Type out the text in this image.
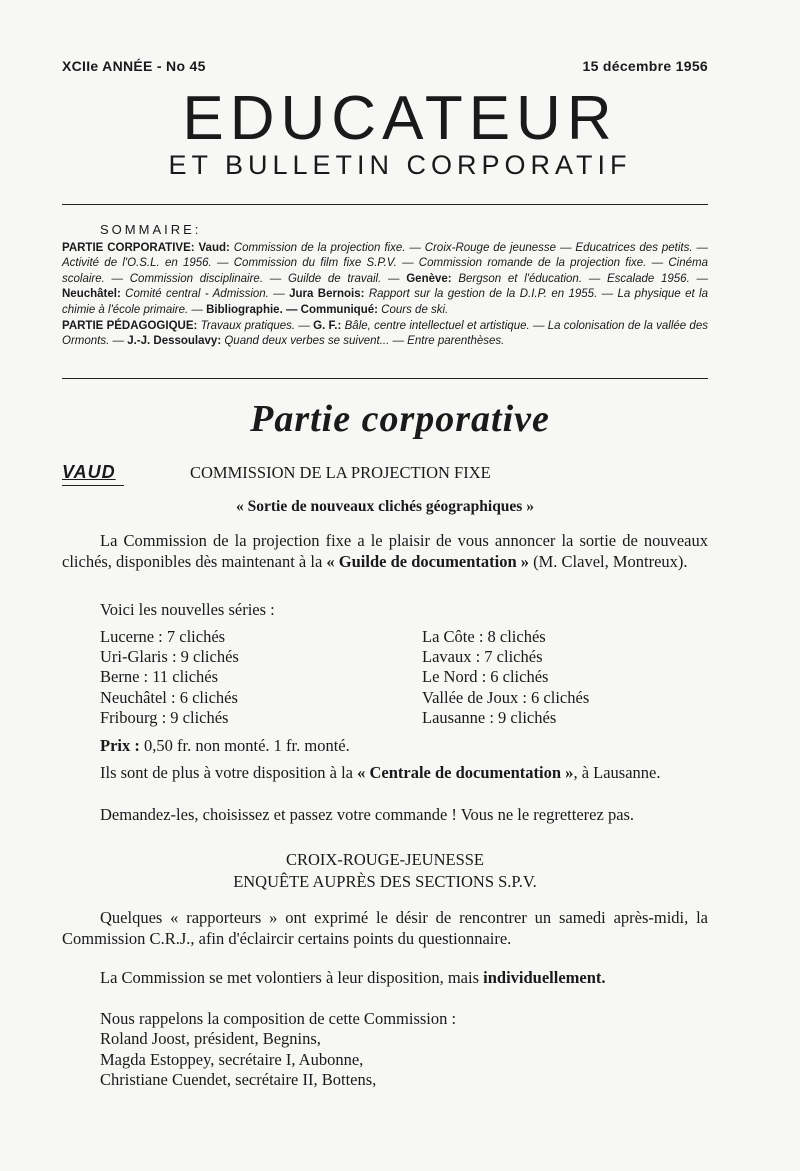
XCIIe ANNÉE - No 45	15 décembre 1956
EDUCATEUR
ET BULLETIN CORPORATIF
SOMMAIRE:
PARTIE CORPORATIVE: Vaud: Commission de la projection fixe. — Croix-Rouge de jeunesse — Educatrices des petits. — Activité de l'O.S.L. en 1956. — Commission du film fixe S.P.V. — Commission romande de la projection fixe. — Cinéma scolaire. — Commission disciplinaire. — Guilde de travail. — Genève: Bergson et l'éducation. — Escalade 1956. — Neuchâtel: Comité central - Admission. — Jura Bernois: Rapport sur la gestion de la D.I.P. en 1955. — La physique et la chimie à l'école primaire. — Bibliographie. — Communiqué: Cours de ski.
PARTIE PÉDAGOGIQUE: Travaux pratiques. — G. F.: Bâle, centre intellectuel et artistique. — La colonisation de la vallée des Ormonts. — J.-J. Dessoulavy: Quand deux verbes se suivent... — Entre parenthèses.
Partie corporative
VAUD	COMMISSION DE LA PROJECTION FIXE
« Sortie de nouveaux clichés géographiques »
La Commission de la projection fixe a le plaisir de vous annoncer la sortie de nouveaux clichés, disponibles dès maintenant à la « Guilde de documentation » (M. Clavel, Montreux).
Voici les nouvelles séries :
Lucerne : 7 clichés	La Côte : 8 clichés
Uri-Glaris : 9 clichés	Lavaux : 7 clichés
Berne : 11 clichés	Le Nord : 6 clichés
Neuchâtel : 6 clichés	Vallée de Joux : 6 clichés
Fribourg : 9 clichés	Lausanne : 9 clichés
Prix : 0,50 fr. non monté. 1 fr. monté.
Ils sont de plus à votre disposition à la « Centrale de documentation », à Lausanne.
Demandez-les, choisissez et passez votre commande ! Vous ne le regretterez pas.
CROIX-ROUGE-JEUNESSE
ENQUÊTE AUPRÈS DES SECTIONS S.P.V.
Quelques « rapporteurs » ont exprimé le désir de rencontrer un samedi après-midi, la Commission C.R.J., afin d'éclaircir certains points du questionnaire.
La Commission se met volontiers à leur disposition, mais individuellement.
Nous rappelons la composition de cette Commission :
Roland Joost, président, Begnins,
Magda Estoppey, secrétaire I, Aubonne,
Christiane Cuendet, secrétaire II, Bottens,
